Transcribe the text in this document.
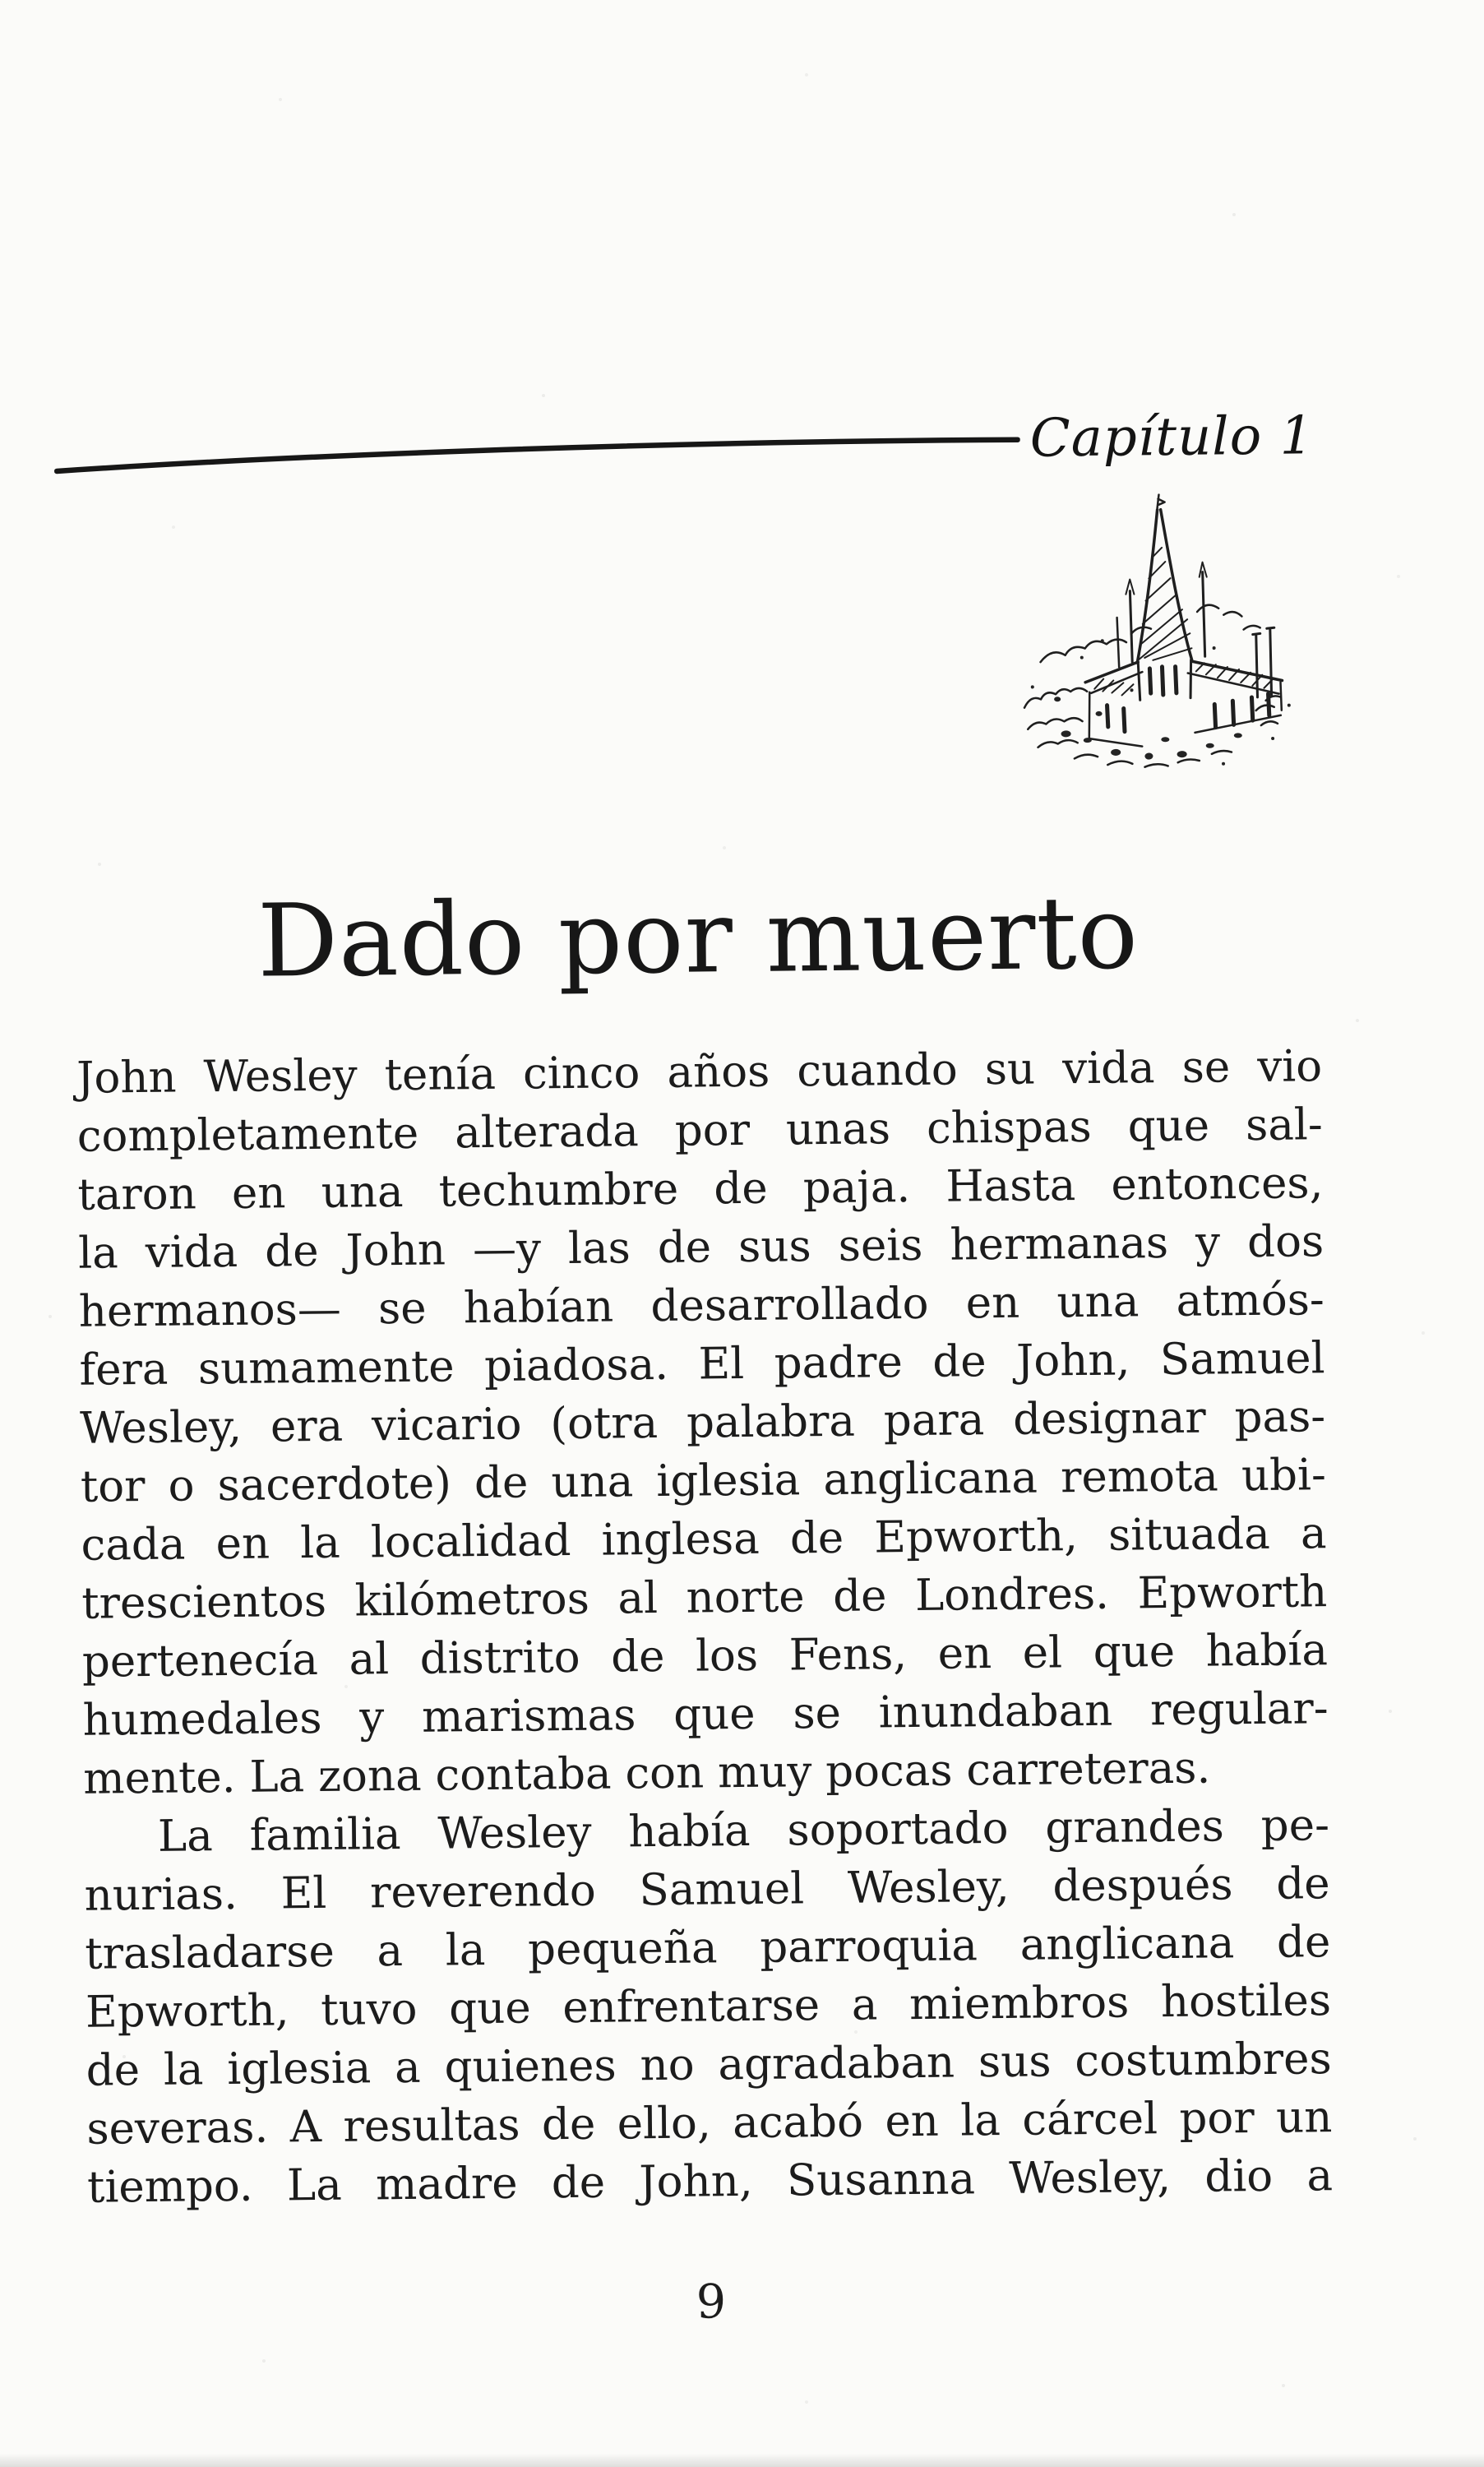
Capítulo 1
Dado por muerto
John Wesley tenía cinco años cuando su vida se vio
completamente alterada por unas chispas que sal-
taron en una techumbre de paja. Hasta entonces,
la vida de John —y las de sus seis hermanas y dos
hermanos— se habían desarrollado en una atmós-
fera sumamente piadosa. El padre de John, Samuel
Wesley, era vicario (otra palabra para designar pas-
tor o sacerdote) de una iglesia anglicana remota ubi-
cada en la localidad inglesa de Epworth, situada a
trescientos kilómetros al norte de Londres. Epworth
pertenecía al distrito de los Fens, en el que había
humedales y marismas que se inundaban regular-
mente. La zona contaba con muy pocas carreteras.
La familia Wesley había soportado grandes pe-
nurias. El reverendo Samuel Wesley, después de
trasladarse a la pequeña parroquia anglicana de
Epworth, tuvo que enfrentarse a miembros hostiles
de la iglesia a quienes no agradaban sus costumbres
severas. A resultas de ello, acabó en la cárcel por un
tiempo. La madre de John, Susanna Wesley, dio a
9
